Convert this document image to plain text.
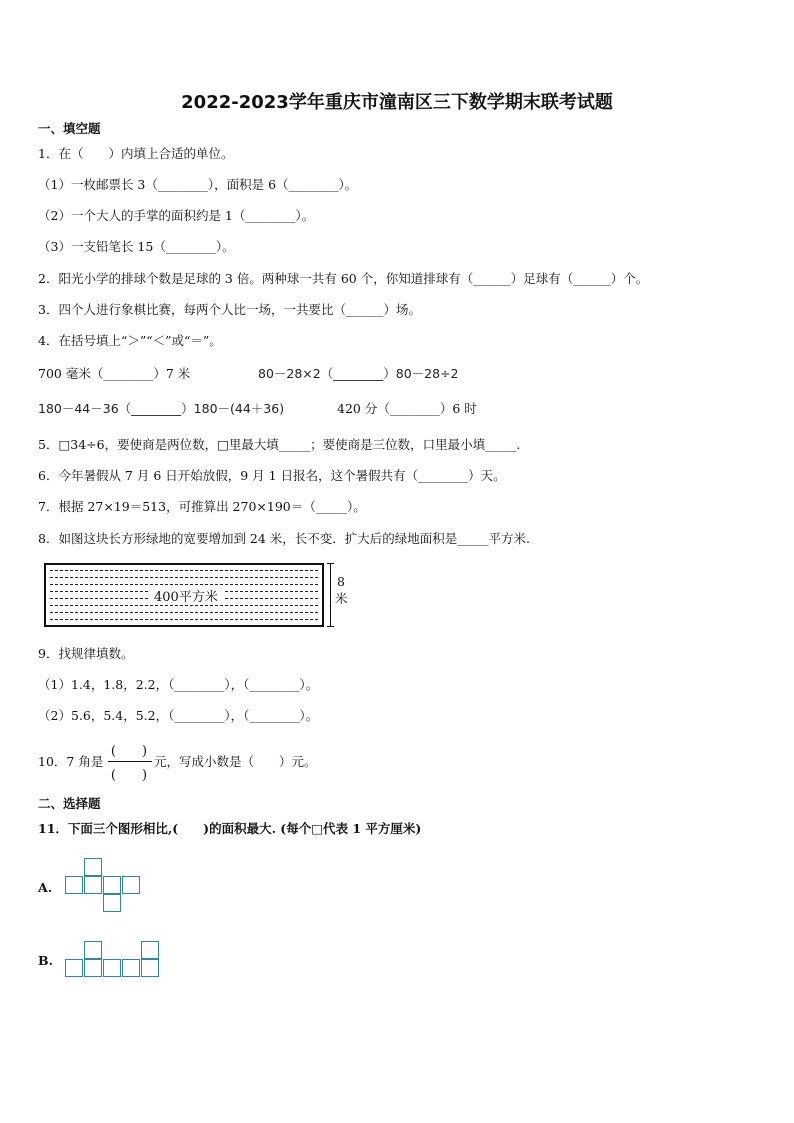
2022-2023学年重庆市潼南区三下数学期末联考试题
一、填空题
1．在（　　）内填上合适的单位。
（1）一枚邮票长 3（________），面积是 6（________）。
（2）一个大人的手掌的面积约是 1（________）。
（3）一支铅笔长 15（________）。
2．阳光小学的排球个数是足球的 3 倍。两种球一共有 60 个，你知道排球有（______）足球有（______）个。
3．四个人进行象棋比赛，每两个人比一场，一共要比（______）场。
4．在括号填上“＞”“＜”或“＝”。
700 毫米（________）7 米	80－28×2（________）80－28÷2
180－44－36（________）180－(44＋36)	420 分（________）6 时
5．□34÷6，要使商是两位数，□里最大填_____；要使商是三位数，口里最小填_____.
6．今年暑假从 7 月 6 日开始放假，9 月 1 日报名，这个暑假共有（________）天。
7．根据 27×19＝513，可推算出 270×190＝（_____）。
8．如图这块长方形绿地的宽要增加到 24 米，长不变．扩大后的绿地面积是_____平方米.
400平方米
8米
9．找规律填数。
（1）1.4，1.8，2.2，（________），（________）。
（2）5.6，5.4，5.2，（________），（________）。
10．7 角是
(　　)
(　　)
元，写成小数是（　　）元。
二、选择题
11．下面三个图形相比,(　　)的面积最大. (每个□代表 1 平方厘米)
A.
B.
